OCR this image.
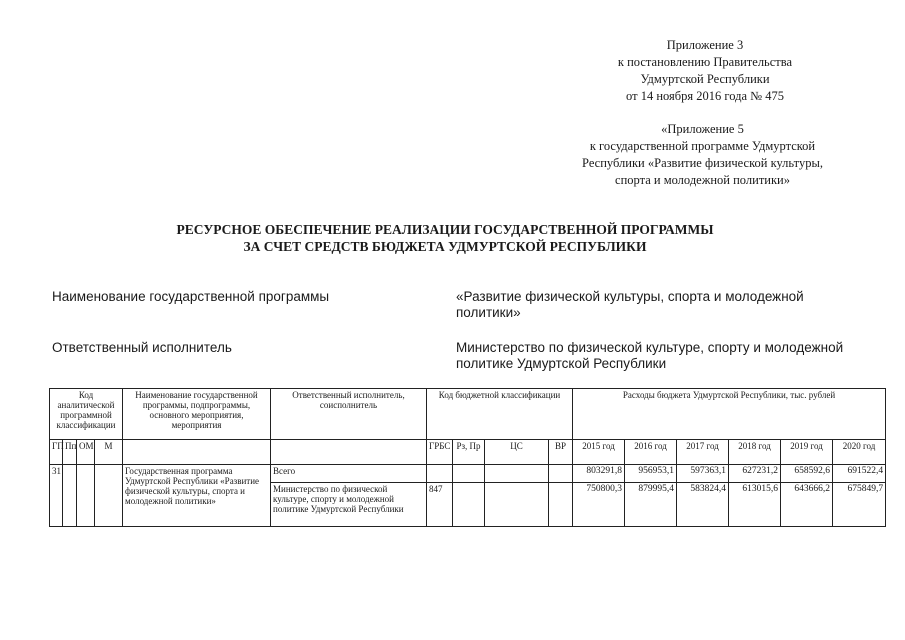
Приложение 3
к постановлению Правительства
Удмуртской Республики
от 14 ноября 2016 года № 475
«Приложение 5
к государственной программе Удмуртской
Республики «Развитие физической культуры,
спорта и молодежной политики»
РЕСУРСНОЕ ОБЕСПЕЧЕНИЕ РЕАЛИЗАЦИИ ГОСУДАРСТВЕННОЙ ПРОГРАММЫ
ЗА СЧЕТ СРЕДСТВ БЮДЖЕТА УДМУРТСКОЙ РЕСПУБЛИКИ
Наименование государственной программы	«Развитие физической культуры, спорта и молодежной политики»
Ответственный исполнитель	Министерство по физической культуре, спорту и молодежной политике Удмуртской Республики
Код аналитической программной классификации				Наименование государственной программы, подпрограммы, основного мероприятия, мероприятия	Ответственный исполнитель, соисполнитель	Код бюджетной классификации				Расходы бюджета Удмуртской Республики, тыс. рублей					
ГП	Пп	ОМ	М			ГРБС	Рз, Пр	ЦС	ВР	2015 год	2016 год	2017 год	2018 год	2019 год	2020 год
31				Государственная программа Удмуртской Республики «Развитие физической культуры, спорта и молодежной политики»	Всего					803291,8	956953,1	597363,1	627231,2	658592,6	691522,4
					Министерство по физической культуре, спорту и молодежной политике Удмуртской Республики	847				750800,3	879995,4	583824,4	613015,6	643666,2	675849,7
